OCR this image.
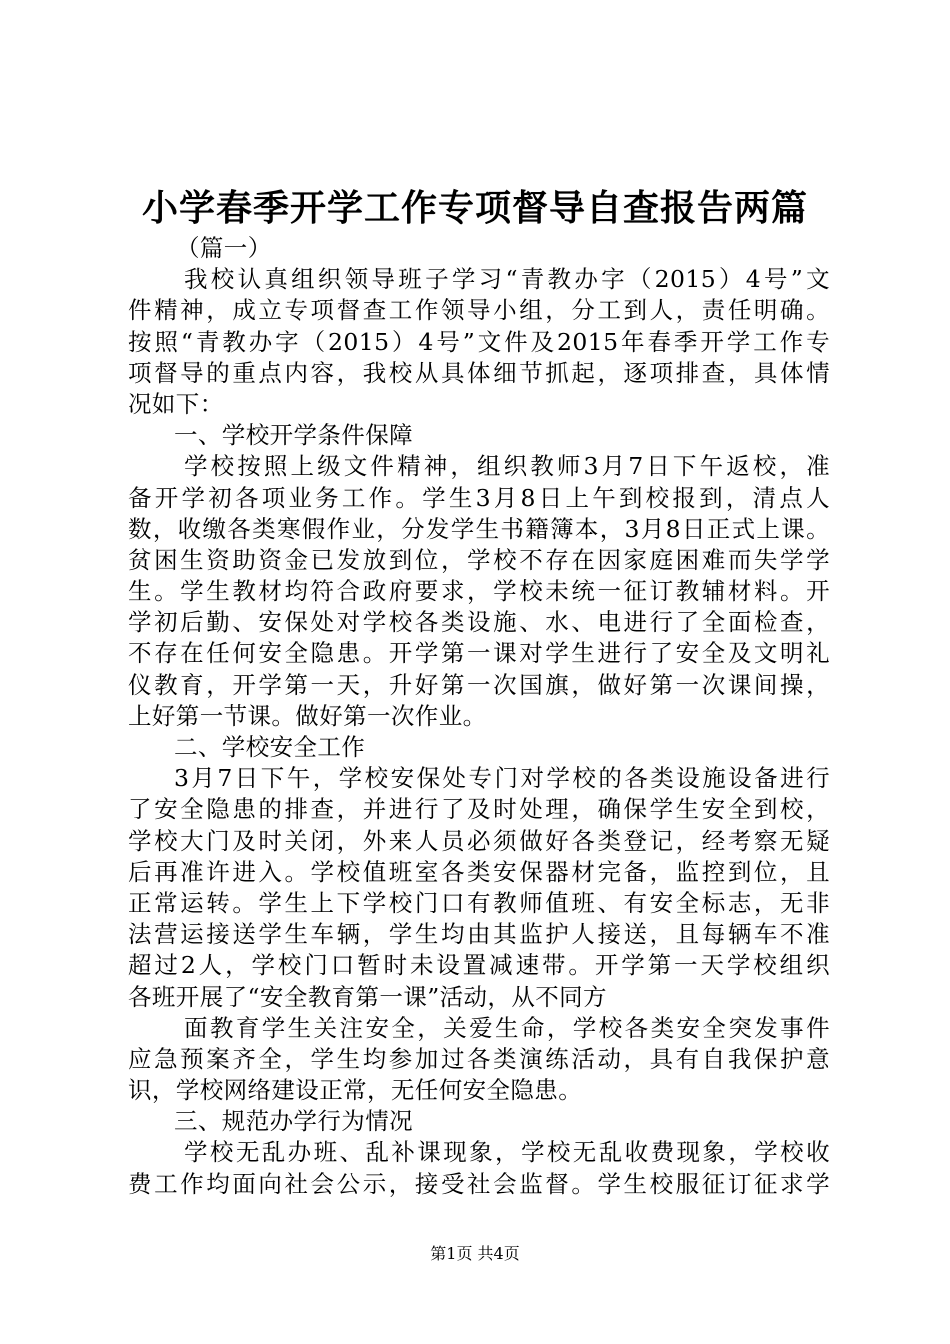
小学春季开学工作专项督导自查报告两篇
（篇一）
我校认真组织领导班子学习“青教办字（2015）4号”文
件精神，成立专项督查工作领导小组，分工到人，责任明确。
按照“青教办字（2015）4号”文件及2015年春季开学工作专
项督导的重点内容，我校从具体细节抓起，逐项排查，具体情
况如下：
一、学校开学条件保障
学校按照上级文件精神，组织教师3月7日下午返校，准
备开学初各项业务工作。学生3月8日上午到校报到，清点人
数，收缴各类寒假作业，分发学生书籍簿本，3月8日正式上课。
贫困生资助资金已发放到位，学校不存在因家庭困难而失学学
生。学生教材均符合政府要求，学校未统一征订教辅材料。开
学初后勤、安保处对学校各类设施、水、电进行了全面检查，
不存在任何安全隐患。开学第一课对学生进行了安全及文明礼
仪教育，开学第一天，升好第一次国旗，做好第一次课间操，
上好第一节课。做好第一次作业。
二、学校安全工作
3月7日下午，学校安保处专门对学校的各类设施设备进行
了安全隐患的排查，并进行了及时处理，确保学生安全到校，
学校大门及时关闭，外来人员必须做好各类登记，经考察无疑
后再准许进入。学校值班室各类安保器材完备，监控到位，且
正常运转。学生上下学校门口有教师值班、有安全标志，无非
法营运接送学生车辆，学生均由其监护人接送，且每辆车不准
超过2人，学校门口暂时未设置减速带。开学第一天学校组织
各班开展了“安全教育第一课”活动，从不同方
面教育学生关注安全，关爱生命，学校各类安全突发事件
应急预案齐全，学生均参加过各类演练活动，具有自我保护意
识，学校网络建设正常，无任何安全隐患。
三、规范办学行为情况
学校无乱办班、乱补课现象，学校无乱收费现象，学校收
费工作均面向社会公示，接受社会监督。学生校服征订征求学
第1页 共4页
